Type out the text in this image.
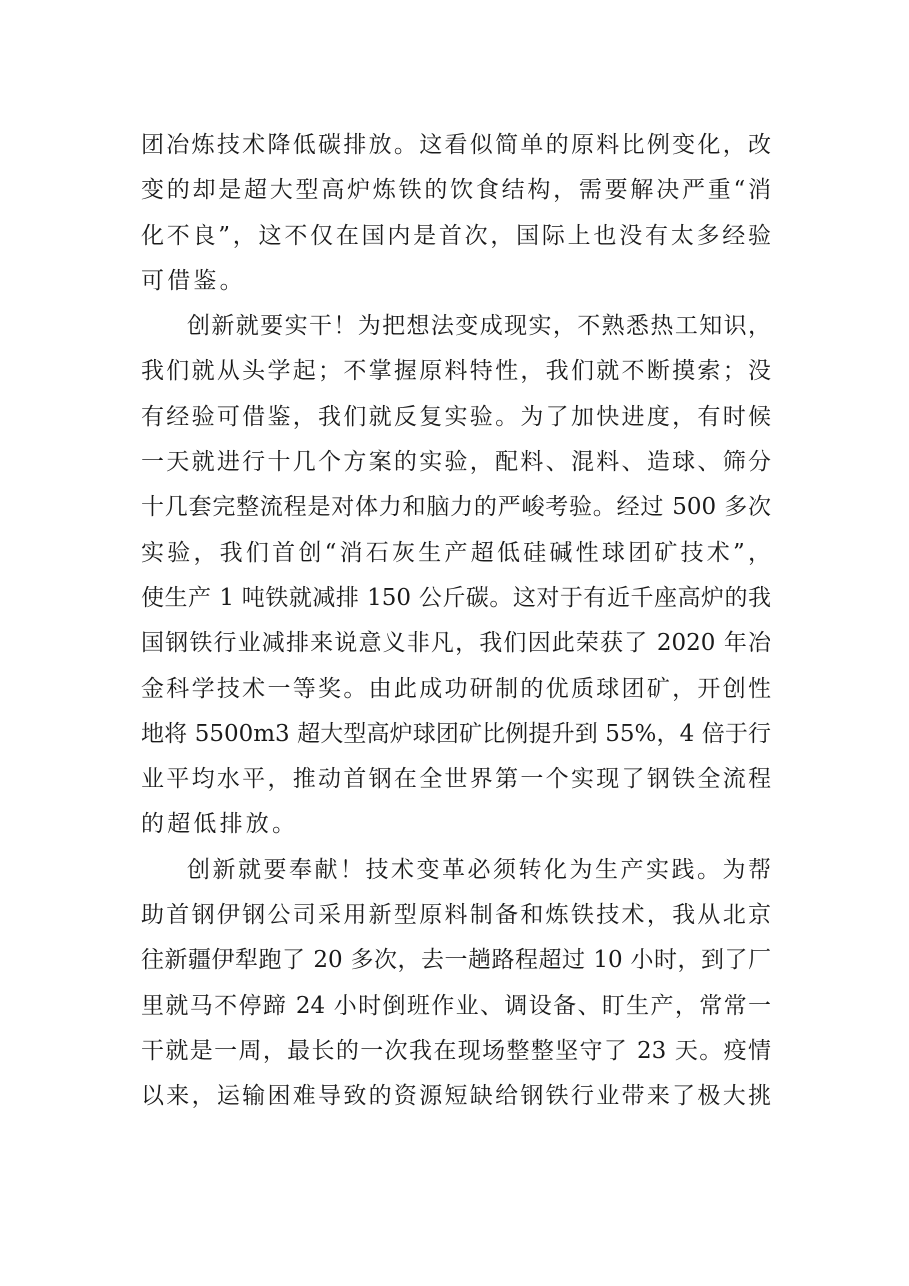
团冶炼技术降低碳排放。这看似简单的原料比例变化，改
变的却是超大型高炉炼铁的饮食结构，需要解决严重“消
化不良”，这不仅在国内是首次，国际上也没有太多经验
可借鉴。
创新就要实干！为把想法变成现实，不熟悉热工知识，
我们就从头学起；不掌握原料特性，我们就不断摸索；没
有经验可借鉴，我们就反复实验。为了加快进度，有时候
一天就进行十几个方案的实验，配料、混料、造球、筛分
十几套完整流程是对体力和脑力的严峻考验。经过 500 多次
实验，我们首创“消石灰生产超低硅碱性球团矿技术”，
使生产 1 吨铁就减排 150 公斤碳。这对于有近千座高炉的我
国钢铁行业减排来说意义非凡，我们因此荣获了 2020 年冶
金科学技术一等奖。由此成功研制的优质球团矿，开创性
地将 5500m3 超大型高炉球团矿比例提升到 55%，4 倍于行
业平均水平，推动首钢在全世界第一个实现了钢铁全流程
的超低排放。
创新就要奉献！技术变革必须转化为生产实践。为帮
助首钢伊钢公司采用新型原料制备和炼铁技术，我从北京
往新疆伊犁跑了 20 多次，去一趟路程超过 10 小时，到了厂
里就马不停蹄 24 小时倒班作业、调设备、盯生产，常常一
干就是一周，最长的一次我在现场整整坚守了 23 天。疫情
以来，运输困难导致的资源短缺给钢铁行业带来了极大挑
